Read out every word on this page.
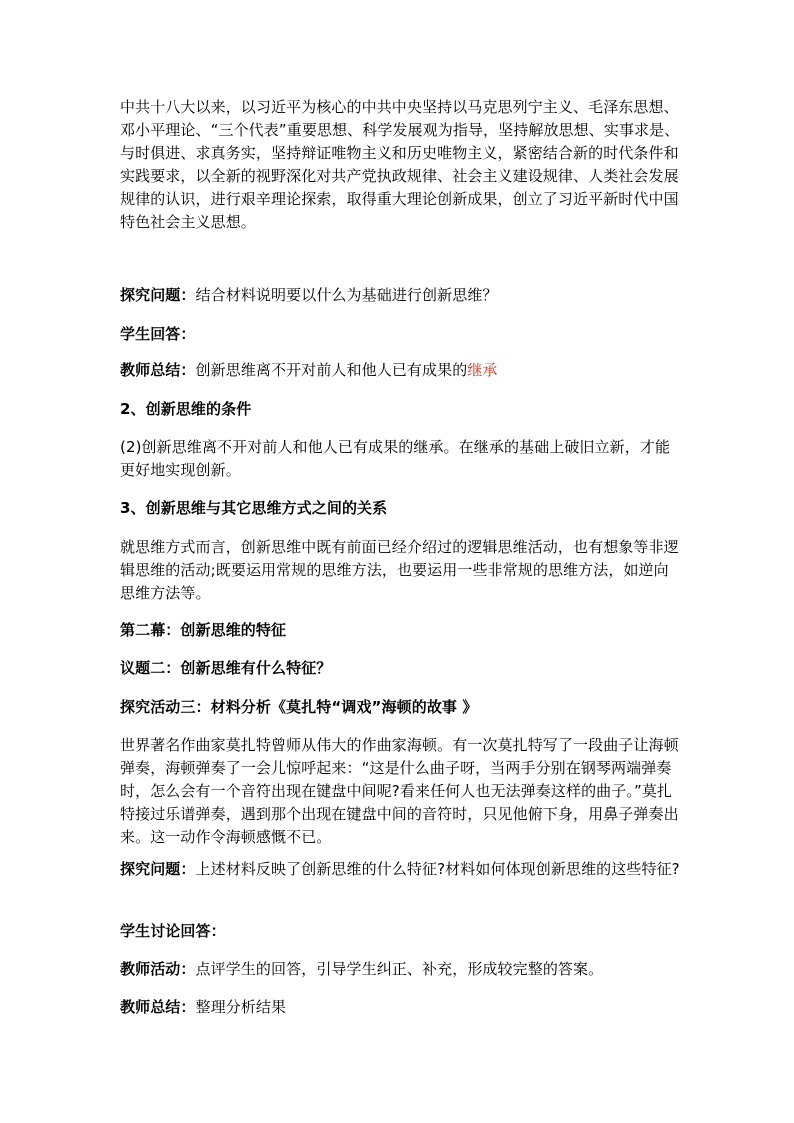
中共十八大以来，以习近平为核心的中共中央坚持以马克思列宁主义、毛泽东思想、邓小平理论、“三个代表”重要思想、科学发展观为指导，坚持解放思想、实事求是、与时俱进、求真务实，坚持辩证唯物主义和历史唯物主义，紧密结合新的时代条件和实践要求，以全新的视野深化对共产党执政规律、社会主义建设规律、人类社会发展规律的认识，进行艰辛理论探索，取得重大理论创新成果，创立了习近平新时代中国特色社会主义思想。

探究问题：结合材料说明要以什么为基础进行创新思维？

学生回答：

教师总结：创新思维离不开对前人和他人已有成果的继承

2、创新思维的条件

(2)创新思维离不开对前人和他人已有成果的继承。在继承的基础上破旧立新，才能更好地实现创新。

3、创新思维与其它思维方式之间的关系

就思维方式而言，创新思维中既有前面已经介绍过的逻辑思维活动，也有想象等非逻辑思维的活动;既要运用常规的思维方法，也要运用一些非常规的思维方法，如逆向思维方法等。

第二幕：创新思维的特征

议题二：创新思维有什么特征？

探究活动三：材料分析《莫扎特“调戏”海顿的故事 》

世界著名作曲家莫扎特曾师从伟大的作曲家海顿。有一次莫扎特写了一段曲子让海顿弹奏，海顿弹奏了一会儿惊呼起来：“这是什么曲子呀，当两手分别在钢琴两端弹奏时，怎么会有一个音符出现在键盘中间呢?看来任何人也无法弹奏这样的曲子。”莫扎特接过乐谱弹奏，遇到那个出现在键盘中间的音符时，只见他俯下身，用鼻子弹奏出来。这一动作令海顿感慨不已。

探究问题：上述材料反映了创新思维的什么特征?材料如何体现创新思维的这些特征?

学生讨论回答：

教师活动：点评学生的回答，引导学生纠正、补充，形成较完整的答案。

教师总结：整理分析结果
